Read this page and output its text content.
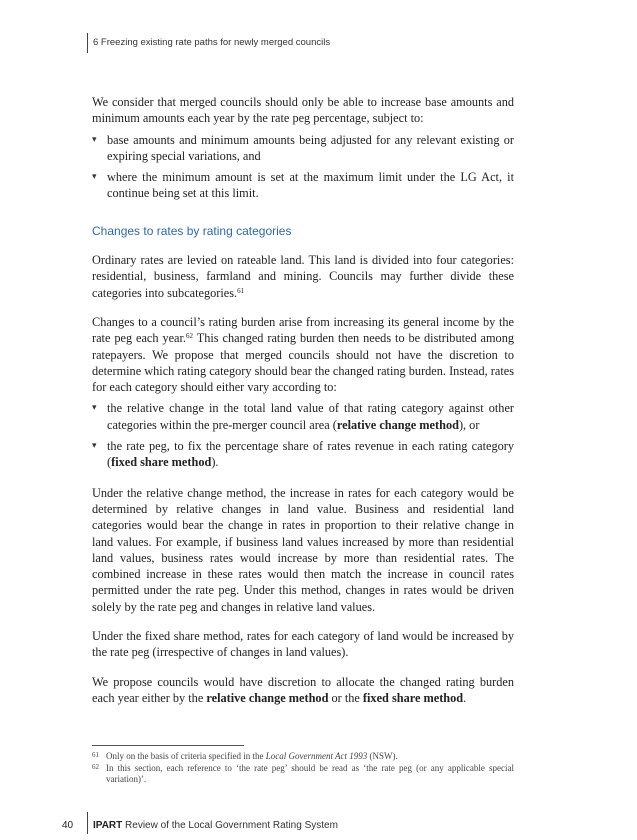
6 Freezing existing rate paths for newly merged councils

We consider that merged councils should only be able to increase base amounts and minimum amounts each year by the rate peg percentage, subject to:

▾ base amounts and minimum amounts being adjusted for any relevant existing or expiring special variations, and
▾ where the minimum amount is set at the maximum limit under the LG Act, it continue being set at this limit.
Changes to rates by rating categories

Ordinary rates are levied on rateable land. This land is divided into four categories: residential, business, farmland and mining. Councils may further divide these categories into subcategories.$^{61}$

Changes to a council’s rating burden arise from increasing its general income by the rate peg each year.$^{62}$ This changed rating burden then needs to be distributed among ratepayers. We propose that merged councils should not have the discretion to determine which rating category should bear the changed rating burden. Instead, rates for each category should either vary according to:

▾ the relative change in the total land value of that rating category against other categories within the pre-merger council area (relative change method), or
▾ the rate peg, to fix the percentage share of rates revenue in each rating category (fixed share method).

Under the relative change method, the increase in rates for each category would be determined by relative changes in land value. Business and residential land categories would bear the change in rates in proportion to their relative change in land values. For example, if business land values increased by more than residential land values, business rates would increase by more than residential rates. The combined increase in these rates would then match the increase in council rates permitted under the rate peg. Under this method, changes in rates would be driven solely by the rate peg and changes in relative land values.

Under the fixed share method, rates for each category of land would be increased by the rate peg (irrespective of changes in land values).

We propose councils would have discretion to allocate the changed rating burden each year either by the relative change method or the fixed share method.

61 Only on the basis of criteria specified in the Local Government Act 1993 (NSW).

62 In this section, each reference to ‘the rate peg’ should be read as ‘the rate peg (or any applicable special variation)’.

40 IPART Review of the Local Government Rating System
